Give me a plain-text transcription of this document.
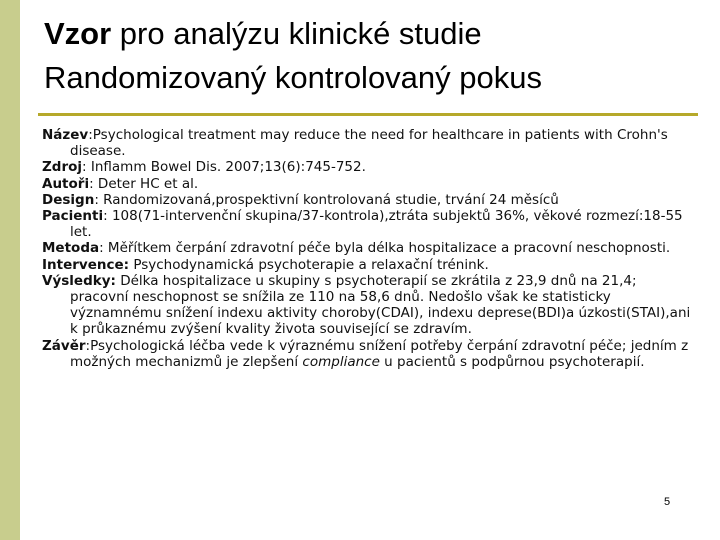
Vzor pro analýzu klinické studie
Randomizovaný kontrolovaný pokus

Název:Psychological treatment may reduce the need for healthcare in patients with Crohn's disease.

Zdroj: Inflamm Bowel Dis. 2007;13(6):745-752.

Autoři: Deter HC et al.

Design: Randomizovaná,prospektivní kontrolovaná studie, trvání 24 měsíců

Pacienti: 108(71-intervenční skupina/37-kontrola),ztráta subjektů 36%, věkové rozmezí:18-55 let.

Metoda: Měřítkem čerpání zdravotní péče byla délka hospitalizace a pracovní neschopnosti.

Intervence: Psychodynamická psychoterapie a relaxační trénink.

Výsledky: Délka hospitalizace u skupiny s psychoterapií se zkrátila z 23,9 dnů na 21,4; pracovní neschopnost se snížila ze 110 na 58,6 dnů. Nedošlo však ke statisticky významnému snížení indexu aktivity choroby(CDAI), indexu deprese(BDI)a úzkosti(STAI),ani k průkaznému zvýšení kvality života související se zdravím.

Závěr:Psychologická léčba vede k výraznému snížení potřeby čerpání zdravotní péče; jedním z možných mechanizmů je zlepšení compliance u pacientů s podpůrnou psychoterapií.

5
